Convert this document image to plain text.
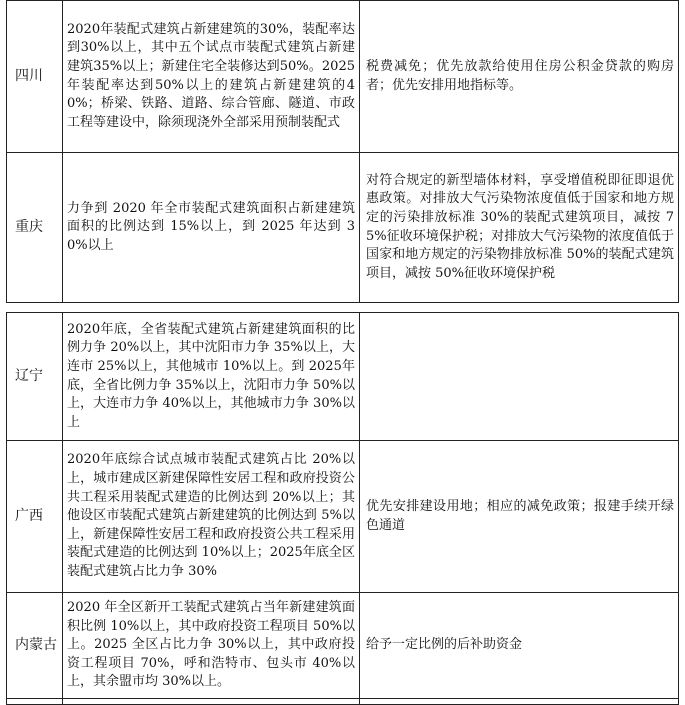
四川	2020年装配式建筑占新建建筑的30%，装配率达到30%以上，其中五个试点市装配式建筑占新建建筑35%以上；新建住宅全装修达到50%。2025年装配率达到50%以上的建筑占新建建筑的40%；桥梁、铁路、道路、综合管廊、隧道、市政工程等建设中，除须现浇外全部采用预制装配式	税费减免；优先放款给使用住房公积金贷款的购房者；优先安排用地指标等。
重庆	力争到 2020 年全市装配式建筑面积占新建建筑面积的比例达到 15%以上，到 2025 年达到 30%以上	对符合规定的新型墙体材料，享受增值税即征即退优惠政策。对排放大气污染物浓度值低于国家和地方规定的污染排放标准 30%的装配式建筑项目，减按 75%征收环境保护税；对排放大气污染物的浓度值低于国家和地方规定的污染物排放标准 50%的装配式建筑项目，减按 50%征收环境保护税
辽宁	2020年底，全省装配式建筑占新建建筑面积的比例力争 20%以上，其中沈阳市力争 35%以上，大连市 25%以上，其他城市 10%以上。到 2025年底，全省比例力争 35%以上，沈阳市力争 50%以上，大连市力争 40%以上，其他城市力争 30%以上	
广西	2020年底综合试点城市装配式建筑占比 20%以上，城市建成区新建保障性安居工程和政府投资公共工程采用装配式建造的比例达到 20%以上；其他设区市装配式建筑占新建建筑的比例达到 5%以上，新建保障性安居工程和政府投资公共工程采用装配式建造的比例达到 10%以上；2025年底全区装配式建筑占比力争 30%	优先安排建设用地；相应的减免政策；报建手续开绿色通道
内蒙古	2020 年全区新开工装配式建筑占当年新建建筑面积比例 10%以上，其中政府投资工程项目 50%以上。2025 全区占比力争 30%以上，其中政府投资工程项目 70%，呼和浩特市、包头市 40%以上，其余盟市均 30%以上。	给予一定比例的后补助资金
